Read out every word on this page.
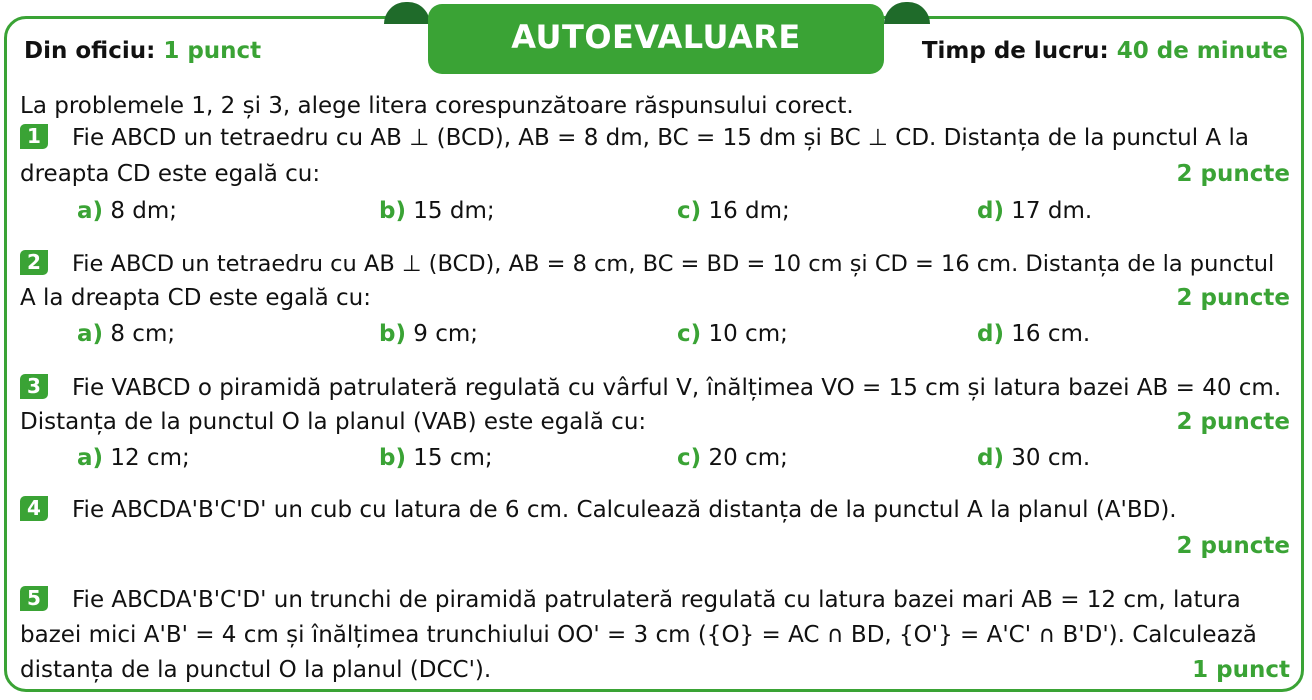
AUTOEVALUARE
Din oficiu: 1 punct	Timp de lucru: 40 de minute
La problemele 1, 2 și 3, alege litera corespunzătoare răspunsului corect.
1 Fie ABCD un tetraedru cu AB ⊥ (BCD), AB = 8 dm, BC = 15 dm și BC ⊥ CD. Distanța de la punctul A la
dreapta CD este egală cu:	2 puncte
a) 8 dm;	b) 15 dm;	c) 16 dm;	d) 17 dm.
2 Fie ABCD un tetraedru cu AB ⊥ (BCD), AB = 8 cm, BC = BD = 10 cm și CD = 16 cm. Distanța de la punctul
A la dreapta CD este egală cu:	2 puncte
a) 8 cm;	b) 9 cm;	c) 10 cm;	d) 16 cm.
3 Fie VABCD o piramidă patrulateră regulată cu vârful V, înălțimea VO = 15 cm și latura bazei AB = 40 cm.
Distanța de la punctul O la planul (VAB) este egală cu:	2 puncte
a) 12 cm;	b) 15 cm;	c) 20 cm;	d) 30 cm.
4 Fie ABCDA'B'C'D' un cub cu latura de 6 cm. Calculează distanța de la punctul A la planul (A'BD).
2 puncte
5 Fie ABCDA'B'C'D' un trunchi de piramidă patrulateră regulată cu latura bazei mari AB = 12 cm, latura
bazei mici A'B' = 4 cm și înălțimea trunchiului OO' = 3 cm ({O} = AC ∩ BD, {O'} = A'C' ∩ B'D'). Calculează
distanța de la punctul O la planul (DCC').	1 punct
